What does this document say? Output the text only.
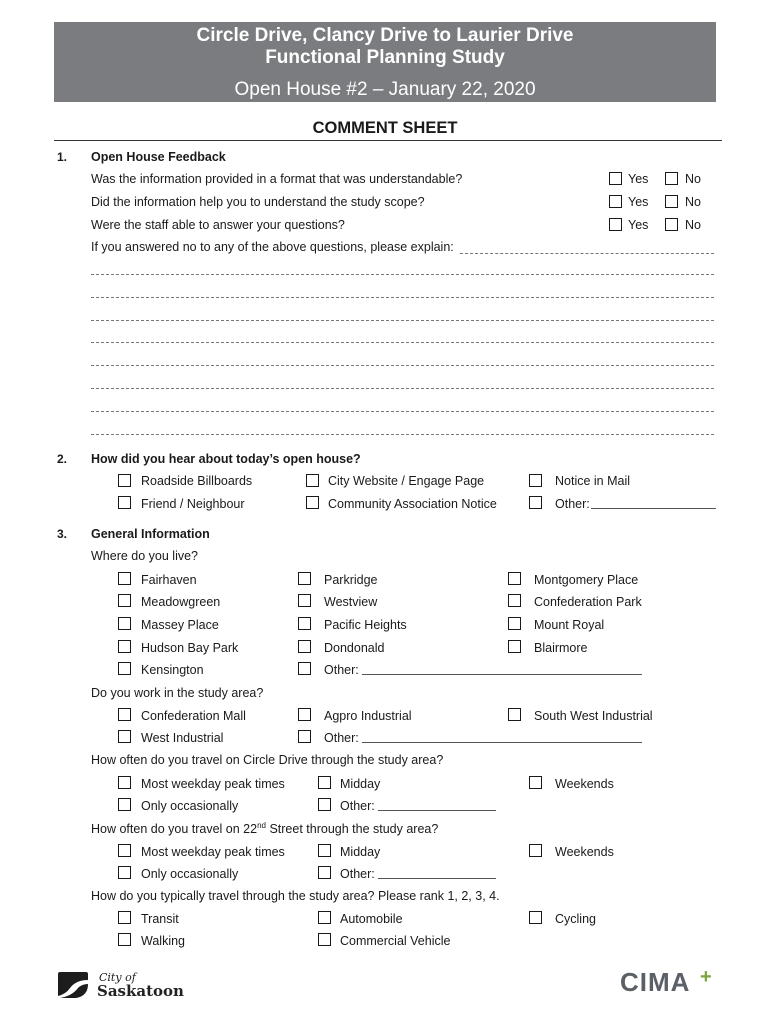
Circle Drive, Clancy Drive to Laurier Drive
Functional Planning Study
Open House #2 – January 22, 2020
COMMENT SHEET
1. Open House Feedback
Was the information provided in a format that was understandable?	Yes	No
Did the information help you to understand the study scope?	Yes	No
Were the staff able to answer your questions?	Yes	No
If you answered no to any of the above questions, please explain:
2. How did you hear about today’s open house?
Roadside Billboards	City Website / Engage Page	Notice in Mail
Friend / Neighbour	Community Association Notice	Other:
3. General Information
Where do you live?
Fairhaven	Parkridge	Montgomery Place
Meadowgreen	Westview	Confederation Park
Massey Place	Pacific Heights	Mount Royal
Hudson Bay Park	Dondonald	Blairmore
Kensington	Other:
Do you work in the study area?
Confederation Mall	Agpro Industrial	South West Industrial
West Industrial	Other:
How often do you travel on Circle Drive through the study area?
Most weekday peak times	Midday	Weekends
Only occasionally	Other:
How often do you travel on 22nd Street through the study area?
Most weekday peak times	Midday	Weekends
Only occasionally	Other:
How do you typically travel through the study area? Please rank 1, 2, 3, 4.
Transit	Automobile	Cycling
Walking	Commercial Vehicle
City of
Saskatoon	CIMA +
